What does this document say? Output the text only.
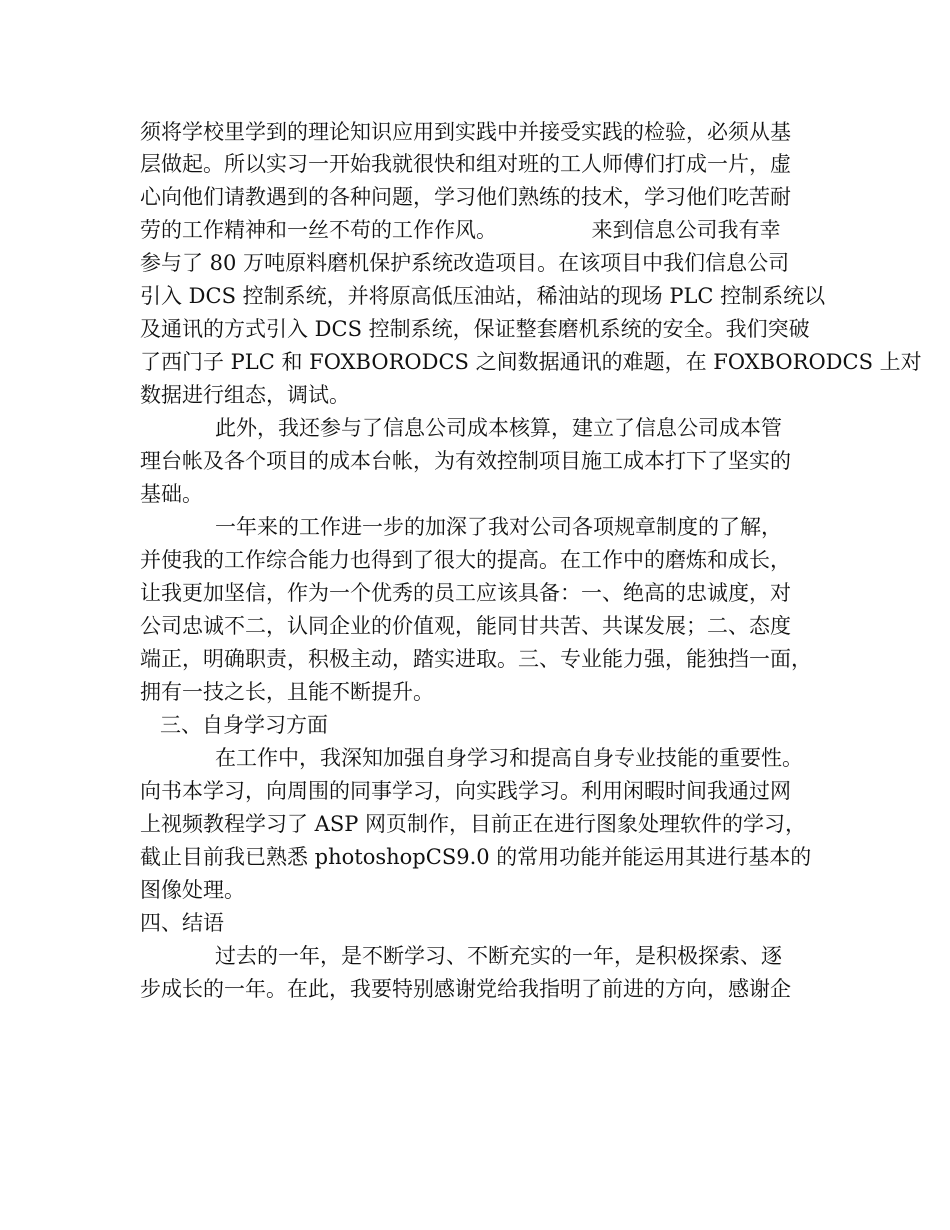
须将学校里学到的理论知识应用到实践中并接受实践的检验，必须从基
层做起。所以实习一开始我就很快和组对班的工人师傅们打成一片，虚
心向他们请教遇到的各种问题，学习他们熟练的技术，学习他们吃苦耐
劳的工作精神和一丝不苟的工作作风。　　　　　来到信息公司我有幸
参与了 80 万吨原料磨机保护系统改造项目。在该项目中我们信息公司
引入 DCS 控制系统，并将原高低压油站，稀油站的现场 PLC 控制系统以
及通讯的方式引入 DCS 控制系统，保证整套磨机系统的安全。我们突破
了西门子 PLC 和 FOXBORODCS 之间数据通讯的难题，在 FOXBORODCS 上对
数据进行组态，调试。
此外，我还参与了信息公司成本核算，建立了信息公司成本管
理台帐及各个项目的成本台帐，为有效控制项目施工成本打下了坚实的
基础。
一年来的工作进一步的加深了我对公司各项规章制度的了解，
并使我的工作综合能力也得到了很大的提高。在工作中的磨炼和成长，
让我更加坚信，作为一个优秀的员工应该具备：一、绝高的忠诚度，对
公司忠诚不二，认同企业的价值观，能同甘共苦、共谋发展；二、态度
端正，明确职责，积极主动，踏实进取。三、专业能力强，能独挡一面，
拥有一技之长，且能不断提升。
三、自身学习方面
在工作中，我深知加强自身学习和提高自身专业技能的重要性。
向书本学习，向周围的同事学习，向实践学习。利用闲暇时间我通过网
上视频教程学习了 ASP 网页制作，目前正在进行图象处理软件的学习，
截止目前我已熟悉 photoshopCS9.0 的常用功能并能运用其进行基本的
图像处理。
四、结语
过去的一年，是不断学习、不断充实的一年，是积极探索、逐
步成长的一年。在此，我要特别感谢党给我指明了前进的方向，感谢企
